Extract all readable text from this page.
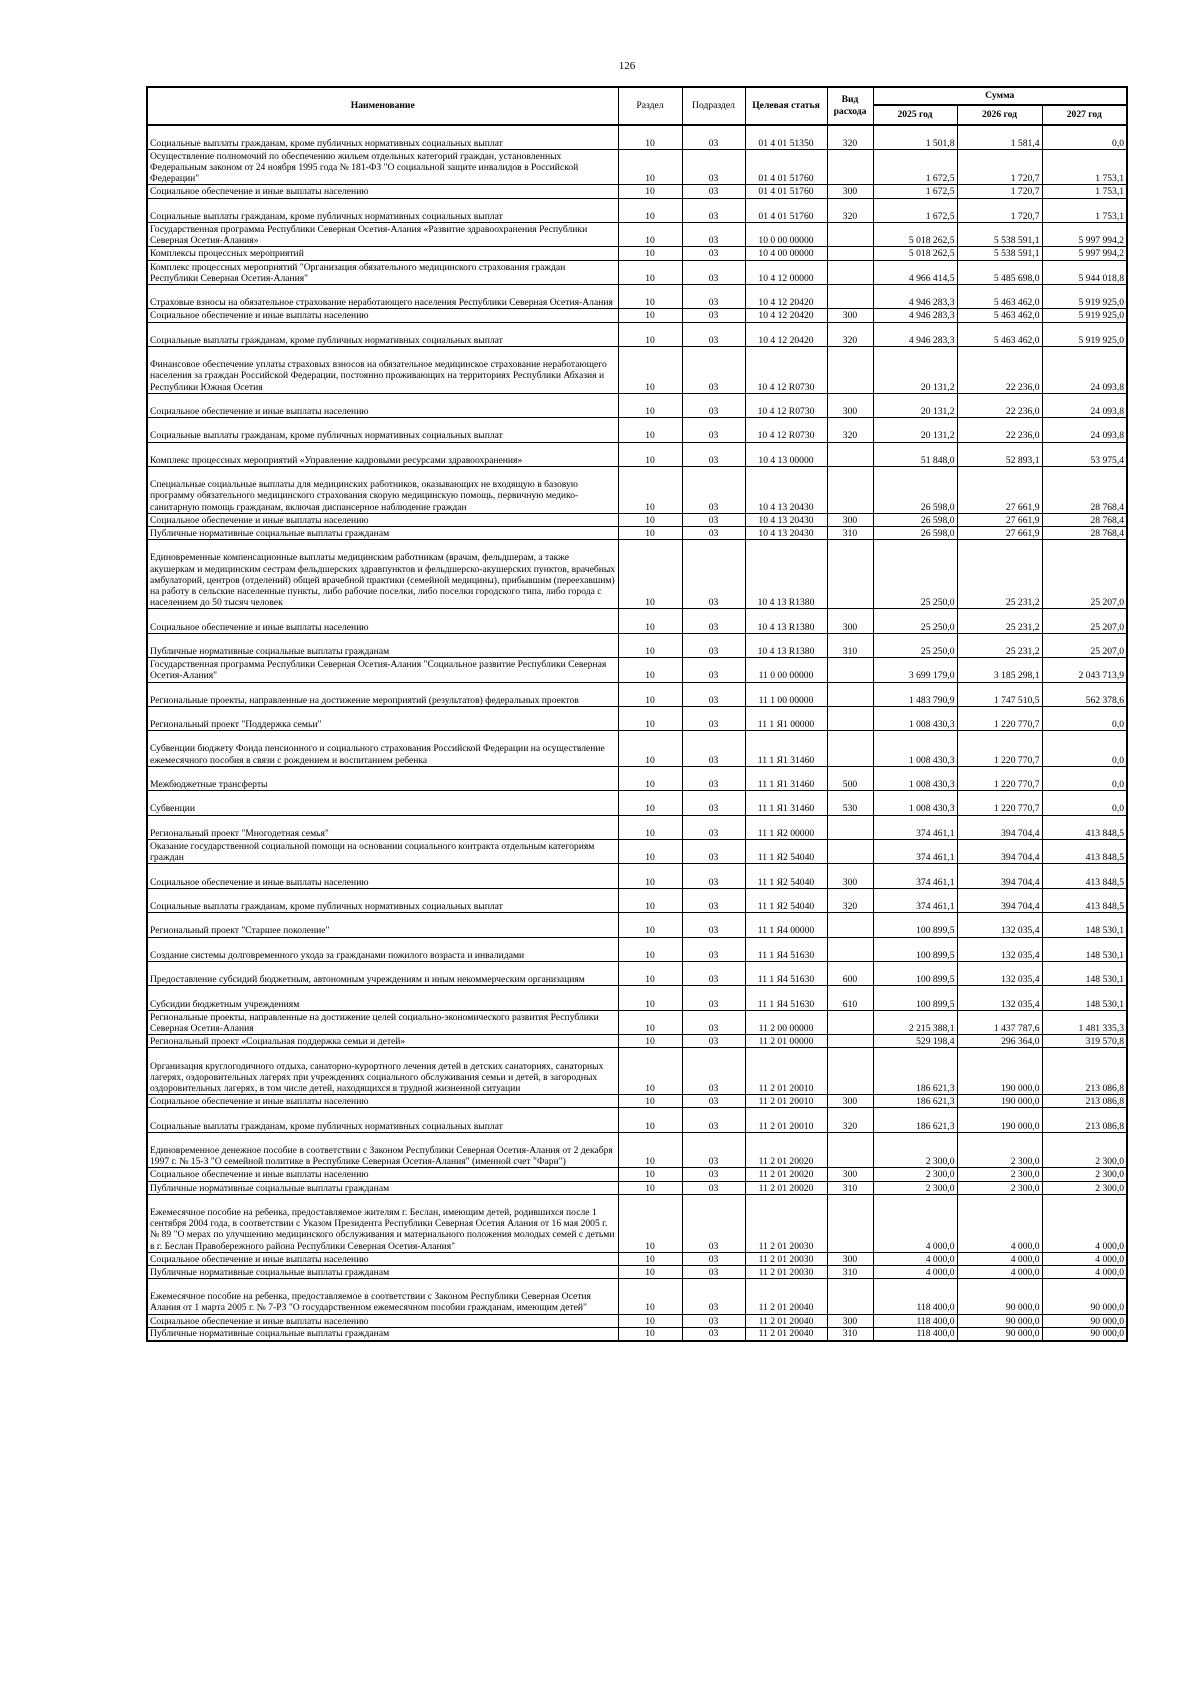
126
Наименование	Раздел	Подраздел	Целевая статья	Вид расхода	Сумма		
					2025 год	2026 год	2027 год
Социальные выплаты гражданам, кроме публичных нормативных социальных выплат	10	03	01 4 01 51350	320	1 501,8	1 581,4	0,0
Осуществление полномочий по обеспечению жильем отдельных категорий граждан, установленных Федеральным законом от 24 ноября 1995 года № 181-ФЗ "О социальной защите инвалидов в Российской Федерации"	10	03	01 4 01 51760		1 672,5	1 720,7	1 753,1
Социальное обеспечение и иные выплаты населению	10	03	01 4 01 51760	300	1 672,5	1 720,7	1 753,1
Социальные выплаты гражданам, кроме публичных нормативных социальных выплат	10	03	01 4 01 51760	320	1 672,5	1 720,7	1 753,1
Государственная программа Республики Северная Осетия-Алания «Развитие здравоохранения Республики Северная Осетия-Алания»	10	03	10 0 00 00000		5 018 262,5	5 538 591,1	5 997 994,2
Комплексы процессных мероприятий	10	03	10 4 00 00000		5 018 262,5	5 538 591,1	5 997 994,2
Комплекс процессных мероприятий "Организация обязательного медицинского страхования граждан Республики Северная Осетия-Алания"	10	03	10 4 12 00000		4 966 414,5	5 485 698,0	5 944 018,8
Страховые взносы на обязательное страхование неработающего населения Республики Северная Осетия-Алания	10	03	10 4 12 20420		4 946 283,3	5 463 462,0	5 919 925,0
Социальное обеспечение и иные выплаты населению	10	03	10 4 12 20420	300	4 946 283,3	5 463 462,0	5 919 925,0
Социальные выплаты гражданам, кроме публичных нормативных социальных выплат	10	03	10 4 12 20420	320	4 946 283,3	5 463 462,0	5 919 925,0
Финансовое обеспечение уплаты страховых взносов на обязательное медицинское страхование неработающего населения за граждан Российской Федерации, постоянно проживающих на территориях Республики Абхазия и Республики Южная Осетия	10	03	10 4 12 R0730		20 131,2	22 236,0	24 093,8
Социальное обеспечение и иные выплаты населению	10	03	10 4 12 R0730	300	20 131,2	22 236,0	24 093,8
Социальные выплаты гражданам, кроме публичных нормативных социальных выплат	10	03	10 4 12 R0730	320	20 131,2	22 236,0	24 093,8
Комплекс процессных мероприятий «Управление кадровыми ресурсами здравоохранения»	10	03	10 4 13 00000		51 848,0	52 893,1	53 975,4
Специальные социальные выплаты для медицинских работников, оказывающих не входящую в базовую программу обязательного медицинского страхования скорую медицинскую помощь, первичную медико-санитарную помощь гражданам, включая диспансерное наблюдение граждан	10	03	10 4 13 20430		26 598,0	27 661,9	28 768,4
Социальное обеспечение и иные выплаты населению	10	03	10 4 13 20430	300	26 598,0	27 661,9	28 768,4
Публичные нормативные социальные выплаты гражданам	10	03	10 4 13 20430	310	26 598,0	27 661,9	28 768,4
Единовременные компенсационные выплаты медицинским работникам (врачам, фельдшерам, а также акушеркам и медицинским сестрам фельдшерских здравпунктов и фельдшерско-акушерских пунктов, врачебных амбулаторий, центров (отделений) общей врачебной практики (семейной медицины), прибывшим (переехавшим) на работу в сельские населенные пункты, либо рабочие поселки, либо поселки городского типа, либо города с населением до 50 тысяч человек	10	03	10 4 13 R1380		25 250,0	25 231,2	25 207,0
Социальное обеспечение и иные выплаты населению	10	03	10 4 13 R1380	300	25 250,0	25 231,2	25 207,0
Публичные нормативные социальные выплаты гражданам	10	03	10 4 13 R1380	310	25 250,0	25 231,2	25 207,0
Государственная программа Республики Северная Осетия-Алания "Социальное развитие Республики Северная Осетия-Алания"	10	03	11 0 00 00000		3 699 179,0	3 185 298,1	2 043 713,9
Региональные проекты, направленные на достижение мероприятий (результатов) федеральных проектов	10	03	11 1 00 00000		1 483 790,9	1 747 510,5	562 378,6
Региональный проект "Поддержка семьи"	10	03	11 1 Я1 00000		1 008 430,3	1 220 770,7	0,0
Субвенции бюджету Фонда пенсионного и социального страхования Российской Федерации на осуществление ежемесячного пособия в связи с рождением и воспитанием ребенка	10	03	11 1 Я1 31460		1 008 430,3	1 220 770,7	0,0
Межбюджетные трансферты	10	03	11 1 Я1 31460	500	1 008 430,3	1 220 770,7	0,0
Субвенции	10	03	11 1 Я1 31460	530	1 008 430,3	1 220 770,7	0,0
Региональный проект "Многодетная семья"	10	03	11 1 Я2 00000		374 461,1	394 704,4	413 848,5
Оказание государственной социальной помощи на основании социального контракта отдельным категориям граждан	10	03	11 1 Я2 54040		374 461,1	394 704,4	413 848,5
Социальное обеспечение и иные выплаты населению	10	03	11 1 Я2 54040	300	374 461,1	394 704,4	413 848,5
Социальные выплаты гражданам, кроме публичных нормативных социальных выплат	10	03	11 1 Я2 54040	320	374 461,1	394 704,4	413 848,5
Региональный проект "Старшее поколение"	10	03	11 1 Я4 00000		100 899,5	132 035,4	148 530,1
Создание системы долговременного ухода за гражданами пожилого возраста и инвалидами	10	03	11 1 Я4 51630		100 899,5	132 035,4	148 530,1
Предоставление субсидий бюджетным, автономным учреждениям и иным некоммерческим организациям	10	03	11 1 Я4 51630	600	100 899,5	132 035,4	148 530,1
Субсидии бюджетным учреждениям	10	03	11 1 Я4 51630	610	100 899,5	132 035,4	148 530,1
Региональные проекты, направленные на достижение целей социально-экономического развития Республики Северная Осетия-Алания	10	03	11 2 00 00000		2 215 388,1	1 437 787,6	1 481 335,3
Региональный проект «Социальная поддержка семьи и детей»	10	03	11 2 01 00000		529 198,4	296 364,0	319 570,8
Организация круглогодичного отдыха, санаторно-курортного лечения детей в детских санаториях, санаторных лагерях, оздоровительных лагерях при учреждениях социального обслуживания семьи и детей, в загородных оздоровительных лагерях, в том числе детей, находящихся в трудной жизненной ситуации	10	03	11 2 01 20010		186 621,3	190 000,0	213 086,8
Социальное обеспечение и иные выплаты населению	10	03	11 2 01 20010	300	186 621,3	190 000,0	213 086,8
Социальные выплаты гражданам, кроме публичных нормативных социальных выплат	10	03	11 2 01 20010	320	186 621,3	190 000,0	213 086,8
Единовременное денежное пособие в соответствии с Законом Республики Северная Осетия-Алания от 2 декабря 1997 г. № 15-З "О семейной политике в Республике Северная Осетия-Алания" (именной счет "Фарн")	10	03	11 2 01 20020		2 300,0	2 300,0	2 300,0
Социальное обеспечение и иные выплаты населению	10	03	11 2 01 20020	300	2 300,0	2 300,0	2 300,0
Публичные нормативные социальные выплаты гражданам	10	03	11 2 01 20020	310	2 300,0	2 300,0	2 300,0
Ежемесячное пособие на ребенка, предоставляемое жителям г. Беслан, имеющим детей, родившихся после 1 сентября 2004 года, в соответствии с Указом Президента Республики Северная Осетия Алания от 16 мая 2005 г. № 89 "О мерах по улучшению медицинского обслуживания и материального положения молодых семей с детьми в г. Беслан Правобережного района Республики Северная Осетия-Алания"	10	03	11 2 01 20030		4 000,0	4 000,0	4 000,0
Социальное обеспечение и иные выплаты населению	10	03	11 2 01 20030	300	4 000,0	4 000,0	4 000,0
Публичные нормативные социальные выплаты гражданам	10	03	11 2 01 20030	310	4 000,0	4 000,0	4 000,0
Ежемесячное пособие на ребенка, предоставляемое в соответствии с Законом Республики Северная Осетия Алания от 1 марта 2005 г. № 7-РЗ "О государственном ежемесячном пособии гражданам, имеющим детей"	10	03	11 2 01 20040		118 400,0	90 000,0	90 000,0
Социальное обеспечение и иные выплаты населению	10	03	11 2 01 20040	300	118 400,0	90 000,0	90 000,0
Публичные нормативные социальные выплаты гражданам	10	03	11 2 01 20040	310	118 400,0	90 000,0	90 000,0
